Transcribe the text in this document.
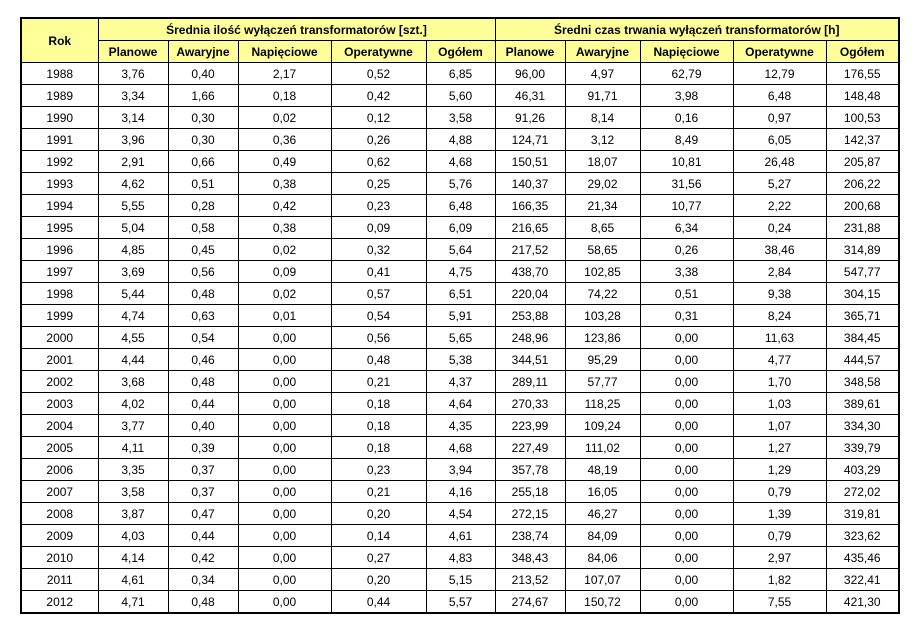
Rok	Średnia ilość wyłączeń transformatorów [szt.]					Średni czas trwania wyłączeń transformatorów [h]				
	Planowe	Awaryjne	Napięciowe	Operatywne	Ogółem	Planowe	Awaryjne	Napięciowe	Operatywne	Ogółem
1988	3,76	0,40	2,17	0,52	6,85	96,00	4,97	62,79	12,79	176,55
1989	3,34	1,66	0,18	0,42	5,60	46,31	91,71	3,98	6,48	148,48
1990	3,14	0,30	0,02	0,12	3,58	91,26	8,14	0,16	0,97	100,53
1991	3,96	0,30	0,36	0,26	4,88	124,71	3,12	8,49	6,05	142,37
1992	2,91	0,66	0,49	0,62	4,68	150,51	18,07	10,81	26,48	205,87
1993	4,62	0,51	0,38	0,25	5,76	140,37	29,02	31,56	5,27	206,22
1994	5,55	0,28	0,42	0,23	6,48	166,35	21,34	10,77	2,22	200,68
1995	5,04	0,58	0,38	0,09	6,09	216,65	8,65	6,34	0,24	231,88
1996	4,85	0,45	0,02	0,32	5,64	217,52	58,65	0,26	38,46	314,89
1997	3,69	0,56	0,09	0,41	4,75	438,70	102,85	3,38	2,84	547,77
1998	5,44	0,48	0,02	0,57	6,51	220,04	74,22	0,51	9,38	304,15
1999	4,74	0,63	0,01	0,54	5,91	253,88	103,28	0,31	8,24	365,71
2000	4,55	0,54	0,00	0,56	5,65	248,96	123,86	0,00	11,63	384,45
2001	4,44	0,46	0,00	0,48	5,38	344,51	95,29	0,00	4,77	444,57
2002	3,68	0,48	0,00	0,21	4,37	289,11	57,77	0,00	1,70	348,58
2003	4,02	0,44	0,00	0,18	4,64	270,33	118,25	0,00	1,03	389,61
2004	3,77	0,40	0,00	0,18	4,35	223,99	109,24	0,00	1,07	334,30
2005	4,11	0,39	0,00	0,18	4,68	227,49	111,02	0,00	1,27	339,79
2006	3,35	0,37	0,00	0,23	3,94	357,78	48,19	0,00	1,29	403,29
2007	3,58	0,37	0,00	0,21	4,16	255,18	16,05	0,00	0,79	272,02
2008	3,87	0,47	0,00	0,20	4,54	272,15	46,27	0,00	1,39	319,81
2009	4,03	0,44	0,00	0,14	4,61	238,74	84,09	0,00	0,79	323,62
2010	4,14	0,42	0,00	0,27	4,83	348,43	84,06	0,00	2,97	435,46
2011	4,61	0,34	0,00	0,20	5,15	213,52	107,07	0,00	1,82	322,41
2012	4,71	0,48	0,00	0,44	5,57	274,67	150,72	0,00	7,55	421,30
